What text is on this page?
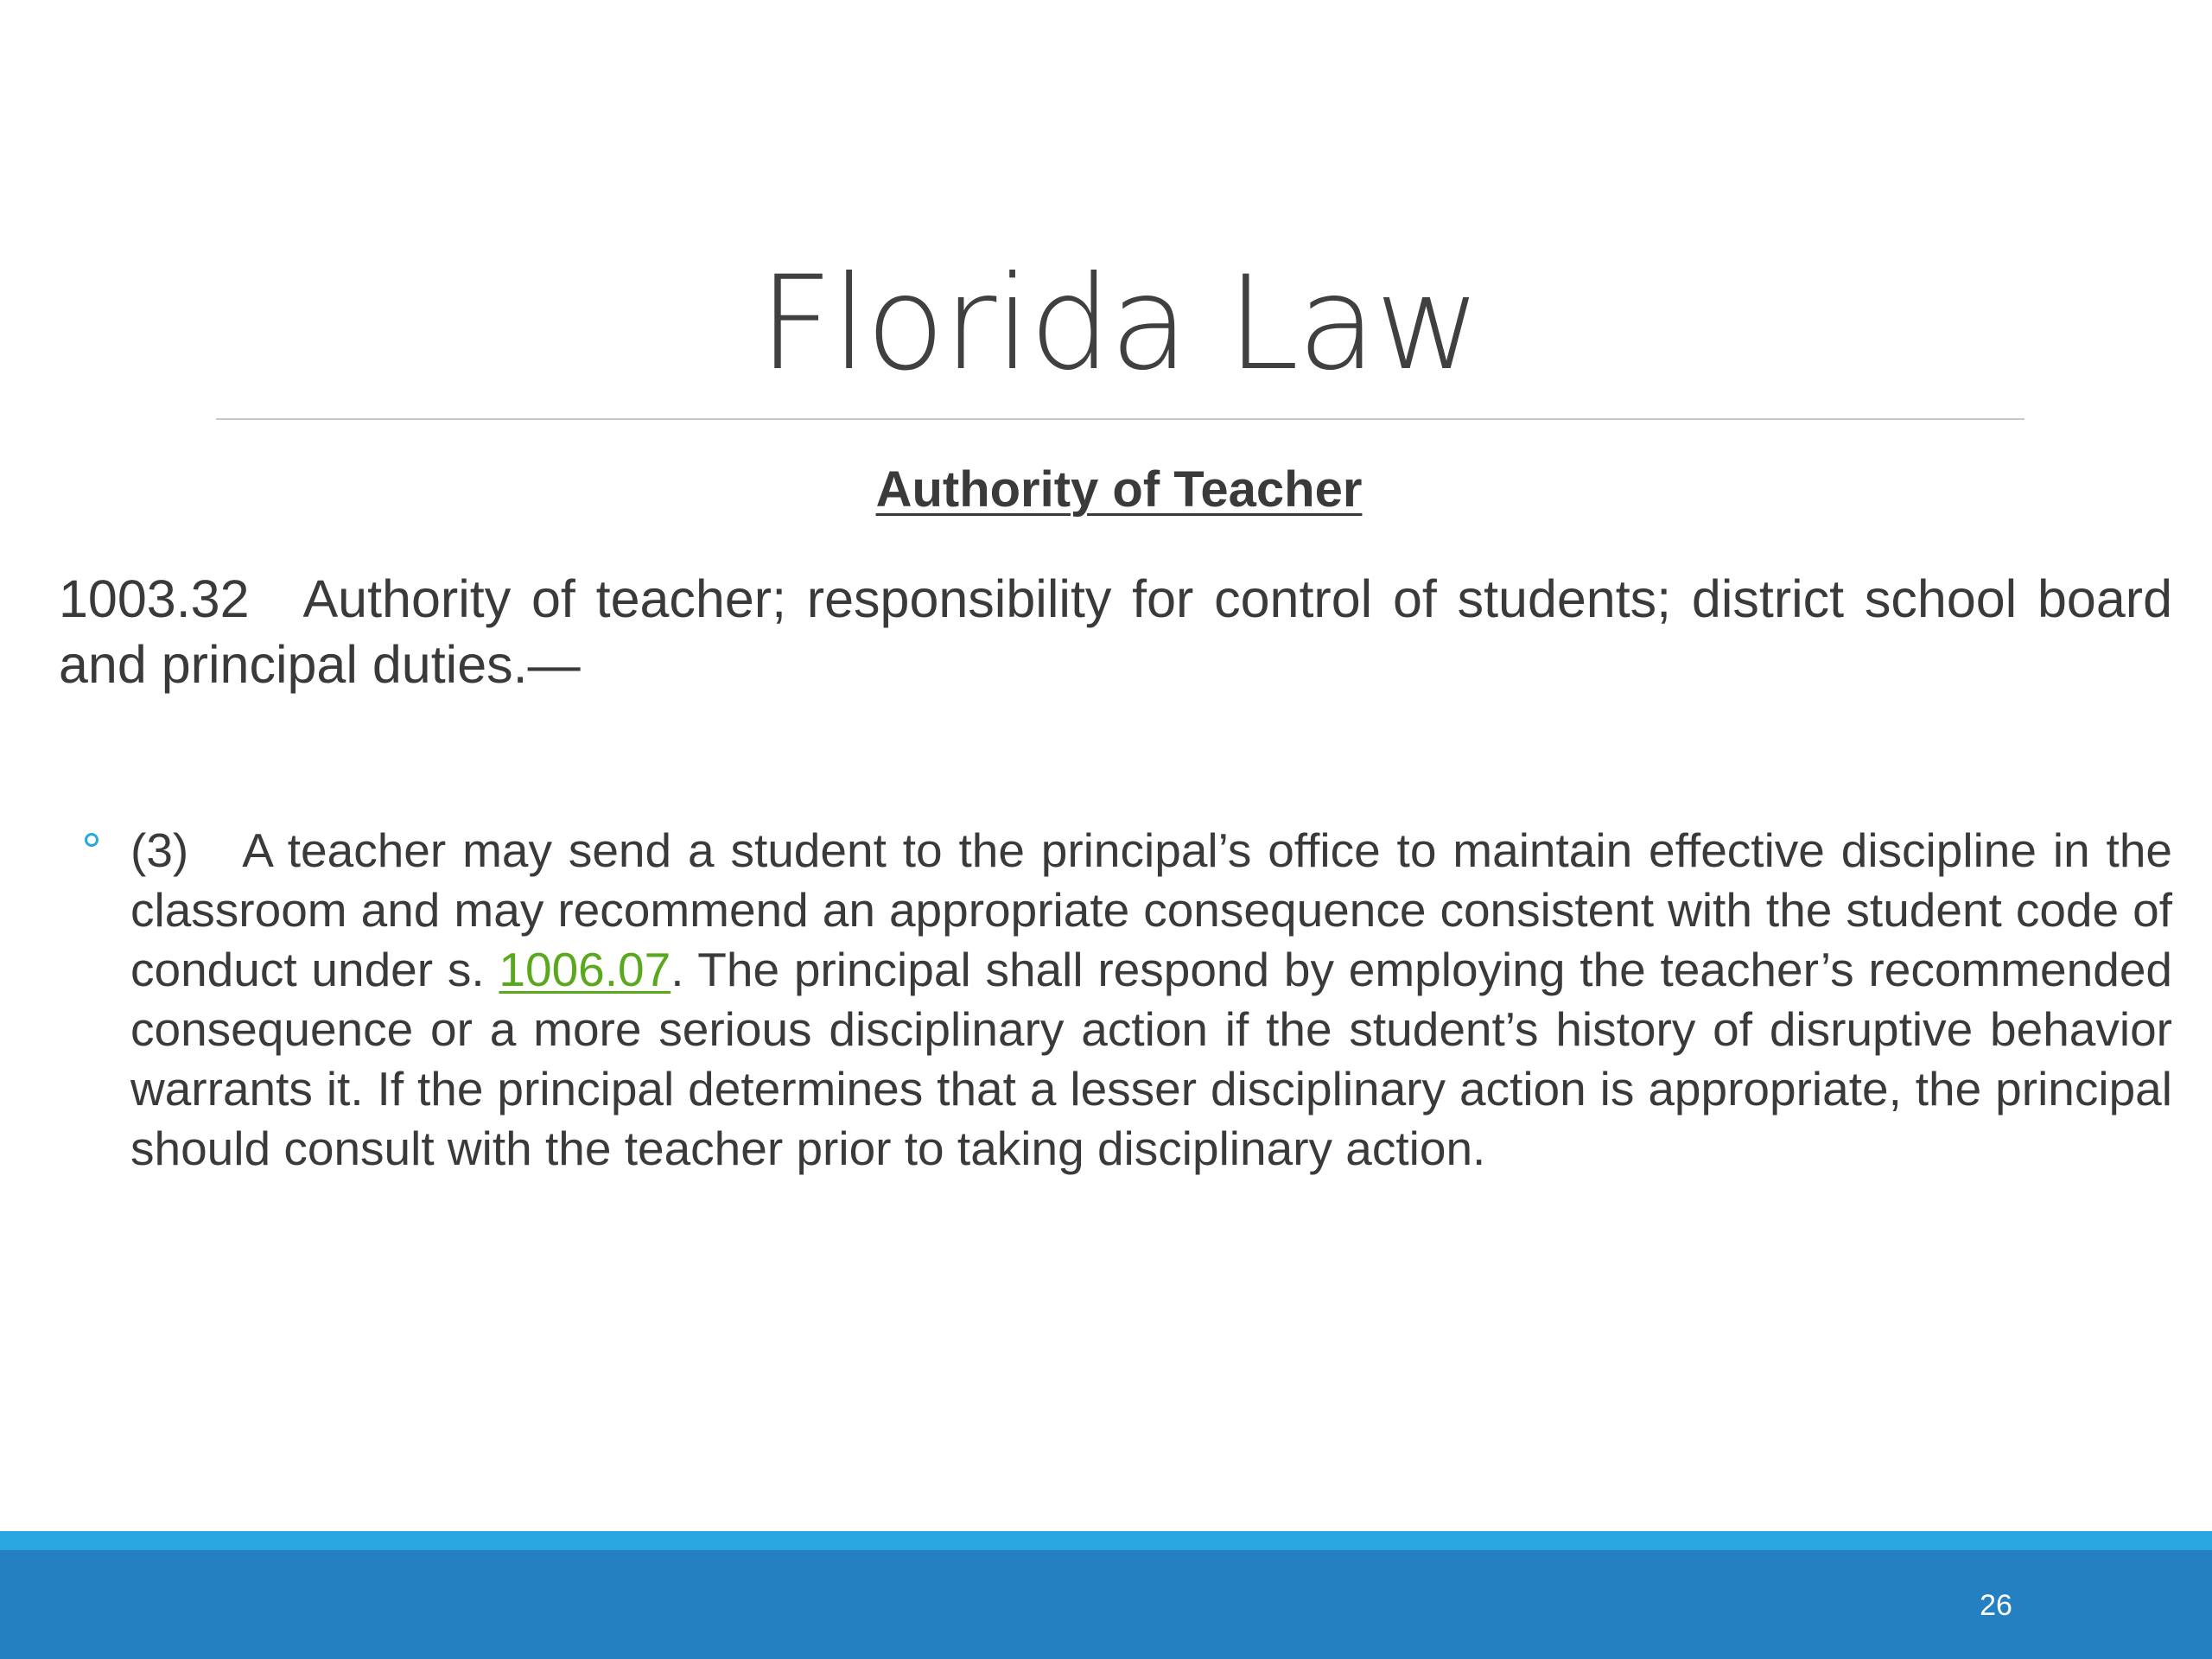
Florida Law
Authority of Teacher
1003.32 Authority of teacher; responsibility for control of students; district school board and principal duties.—
(3) A teacher may send a student to the principal’s office to maintain effective discipline in the classroom and may recommend an appropriate consequence consistent with the student code of conduct under s. 1006.07. The principal shall respond by employing the teacher’s recommended consequence or a more serious disciplinary action if the student’s history of disruptive behavior warrants it. If the principal determines that a lesser disciplinary action is appropriate, the principal should consult with the teacher prior to taking disciplinary action.
26
